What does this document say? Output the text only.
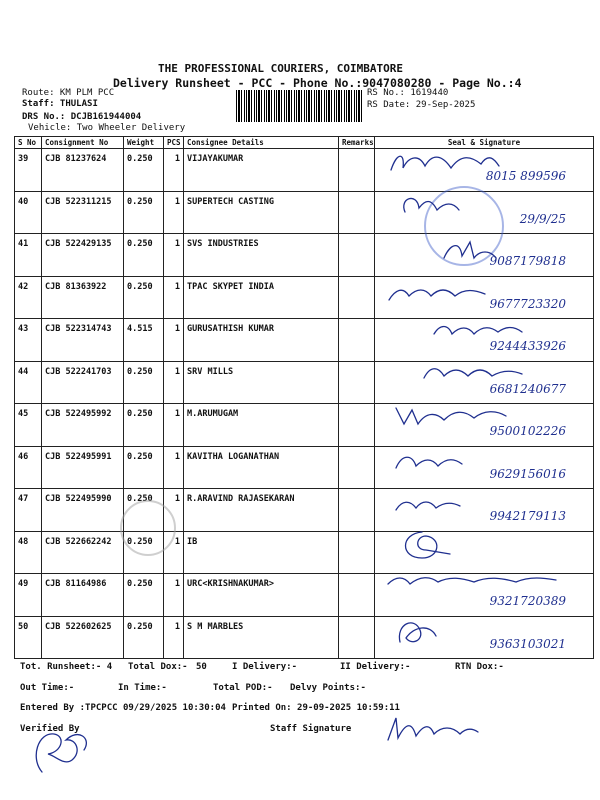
THE PROFESSIONAL COURIERS, COIMBATORE
Delivery Runsheet - PCC - Phone No.:9047080280 - Page No.:4
Route: KM PLM PCC
Staff: THULASI
DRS No.: DCJB161944004
Vehicle: Two Wheeler Delivery
RS No.: 1619440
RS Date: 29-Sep-2025
S No	Consignment No	Weight	PCS	Consignee Details	Remarks	Seal & Signature
39	CJB 81237624	0.250	1	VIJAYAKUMAR		8015 899596

40	CJB 522311215	0.250	1	SUPERTECH CASTING		29/9/25

41	CJB 522429135	0.250	1	SVS INDUSTRIES		9087179818

42	CJB 81363922	0.250	1	TPAC SKYPET INDIA		9677723320

43	CJB 522314743	4.515	1	GURUSATHISH KUMAR		9244433926

44	CJB 522241703	0.250	1	SRV MILLS		6681240677

45	CJB 522495992	0.250	1	M.ARUMUGAM		9500102226

46	CJB 522495991	0.250	1	KAVITHA LOGANATHAN		9629156016

47	CJB 522495990	0.250	1	R.ARAVIND RAJASEKARAN		9942179113

48	CJB 522662242	0.250	1	IB		

49	CJB 81164986	0.250	1	URC<KRISHNAKUMAR>		9321720389

50	CJB 522602625	0.250	1	S M MARBLES		9363103021
Tot. Runsheet:- 4 Total Dox:- 50	I Delivery:-	II Delivery:-	RTN Dox:-
Out Time:-	In Time:-	Total POD:- Delvy Points:-
Entered By :TPCPCC 09/29/2025 10:30:04 Printed On: 29-09-2025 10:59:11
Verified By	Staff Signature
